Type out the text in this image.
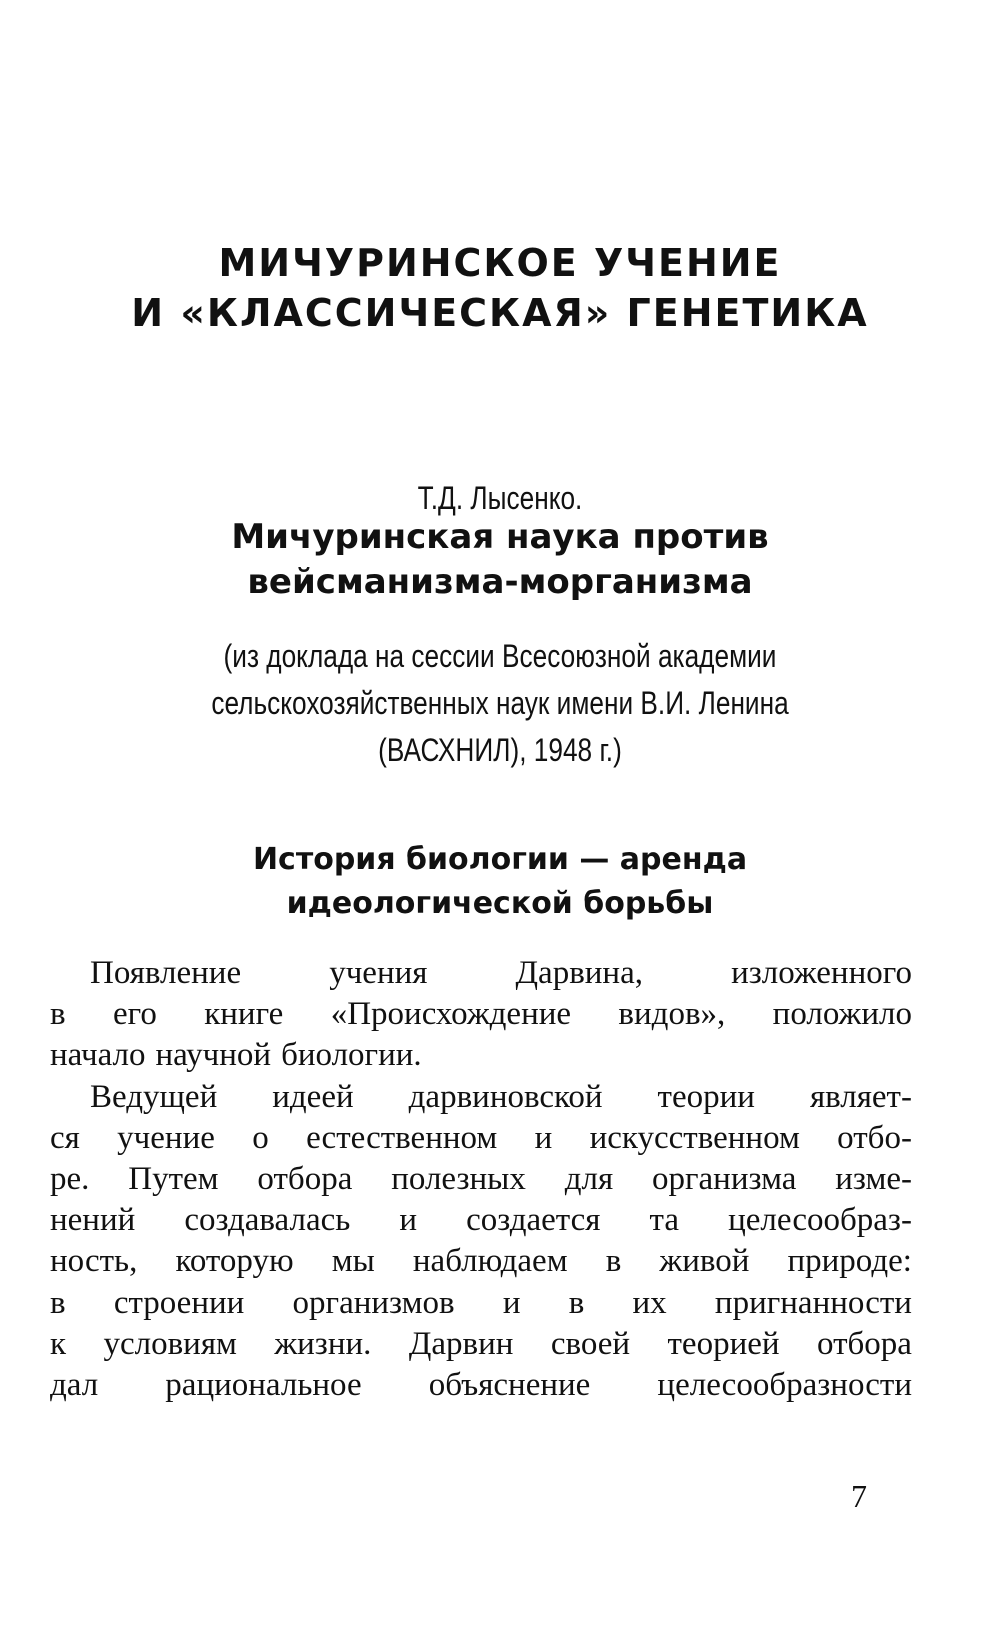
МИЧУРИНСКОЕ УЧЕНИЕ
И «КЛАССИЧЕСКАЯ» ГЕНЕТИКА
Т.Д. Лысенко.
Мичуринская наука против
вейсманизма-морганизма
(из доклада на сессии Всесоюзной академии
сельскохозяйственных наук имени В.И. Ленина
(ВАСХНИЛ), 1948 г.)
История биологии — аренда
идеологической борьбы
Появление	учения	Дарвина,	изложенного
в его книге «Происхождение видов», положило
начало научной биологии.
Ведущей идеей дарвиновской теории являет-
ся учение о естественном и искусственном отбо-
ре. Путем отбора полезных для организма изме-
нений создавалась и создается та целесообраз-
ность, которую мы наблюдаем в живой природе:
в строении организмов и в их пригнанности
к условиям жизни. Дарвин своей теорией отбора
дал рациональное объяснение целесообразности
7
